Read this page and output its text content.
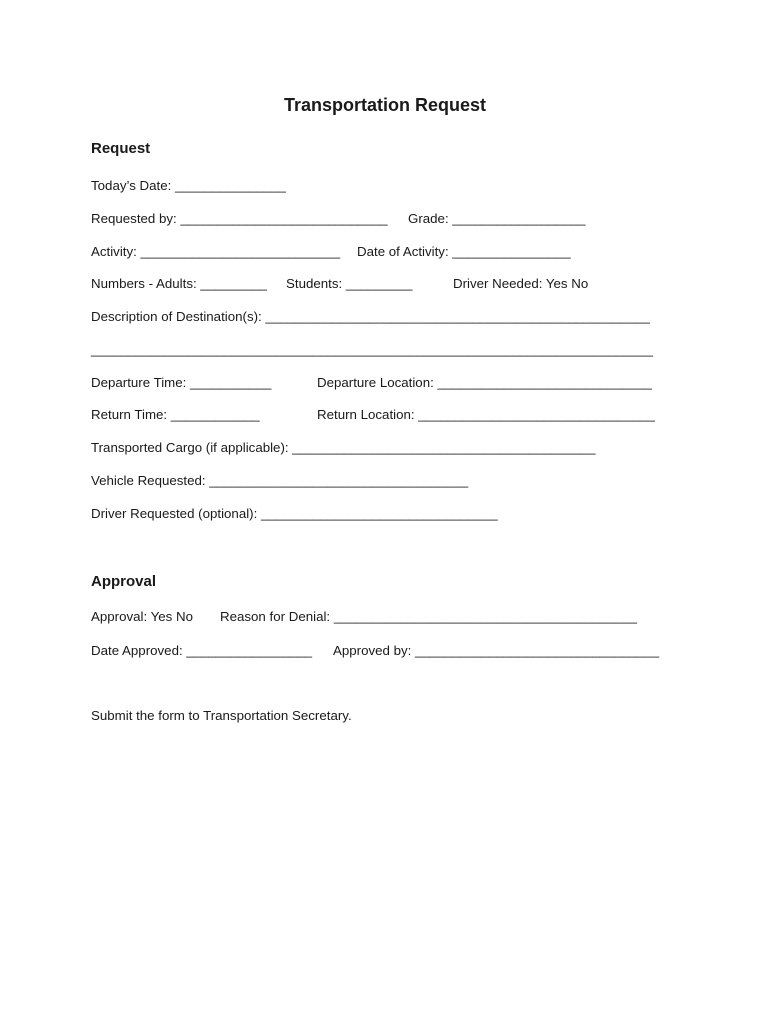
Transportation Request
Request
Today’s Date: _______________
Requested by: ____________________________ Grade: __________________
Activity: ___________________________ Date of Activity: ________________
Numbers - Adults: _________ Students: _________	Driver Needed: Yes No
Description of Destination(s): ____________________________________________________
____________________________________________________________________________
Departure Time: ___________	Departure Location: _____________________________
Return Time: ____________	Return Location: ________________________________
Transported Cargo (if applicable): _________________________________________
Vehicle Requested: ___________________________________
Driver Requested (optional): ________________________________
Approval
Approval: Yes No Reason for Denial: _________________________________________
Date Approved: _________________ Approved by: _________________________________
Submit the form to Transportation Secretary.
